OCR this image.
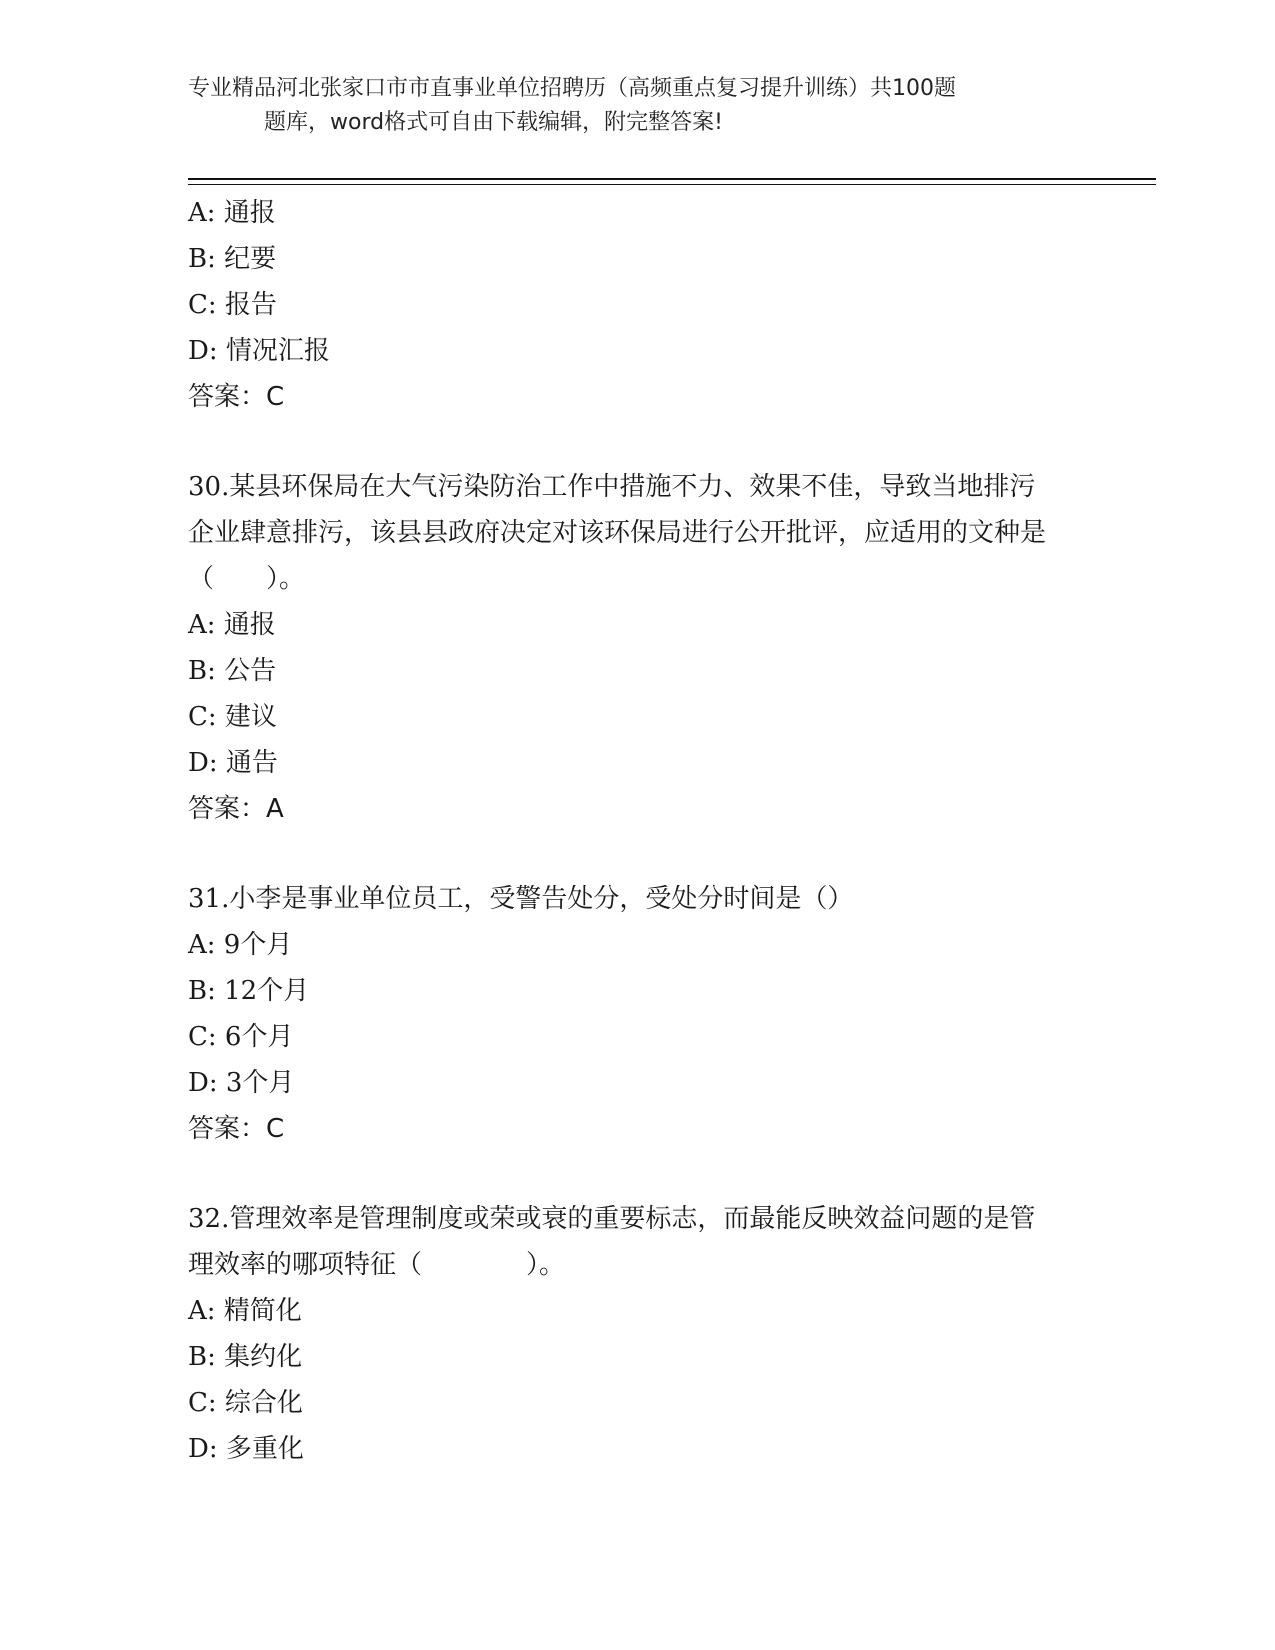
专业精品河北张家口市市直事业单位招聘历（高频重点复习提升训练）共100题
题库，word格式可自由下载编辑，附完整答案!
A: 通报
B: 纪要
C: 报告
D: 情况汇报
答案：C
30.某县环保局在大气污染防治工作中措施不力、效果不佳，导致当地排污企业肆意排污，该县县政府决定对该环保局进行公开批评，应适用的文种是（　　）。
A: 通报
B: 公告
C: 建议
D: 通告
答案：A
31.小李是事业单位员工，受警告处分，受处分时间是（）
A: 9个月
B: 12个月
C: 6个月
D: 3个月
答案：C
32.管理效率是管理制度或荣或衰的重要标志，而最能反映效益问题的是管理效率的哪项特征（　　　　）。
A: 精简化
B: 集约化
C: 综合化
D: 多重化
